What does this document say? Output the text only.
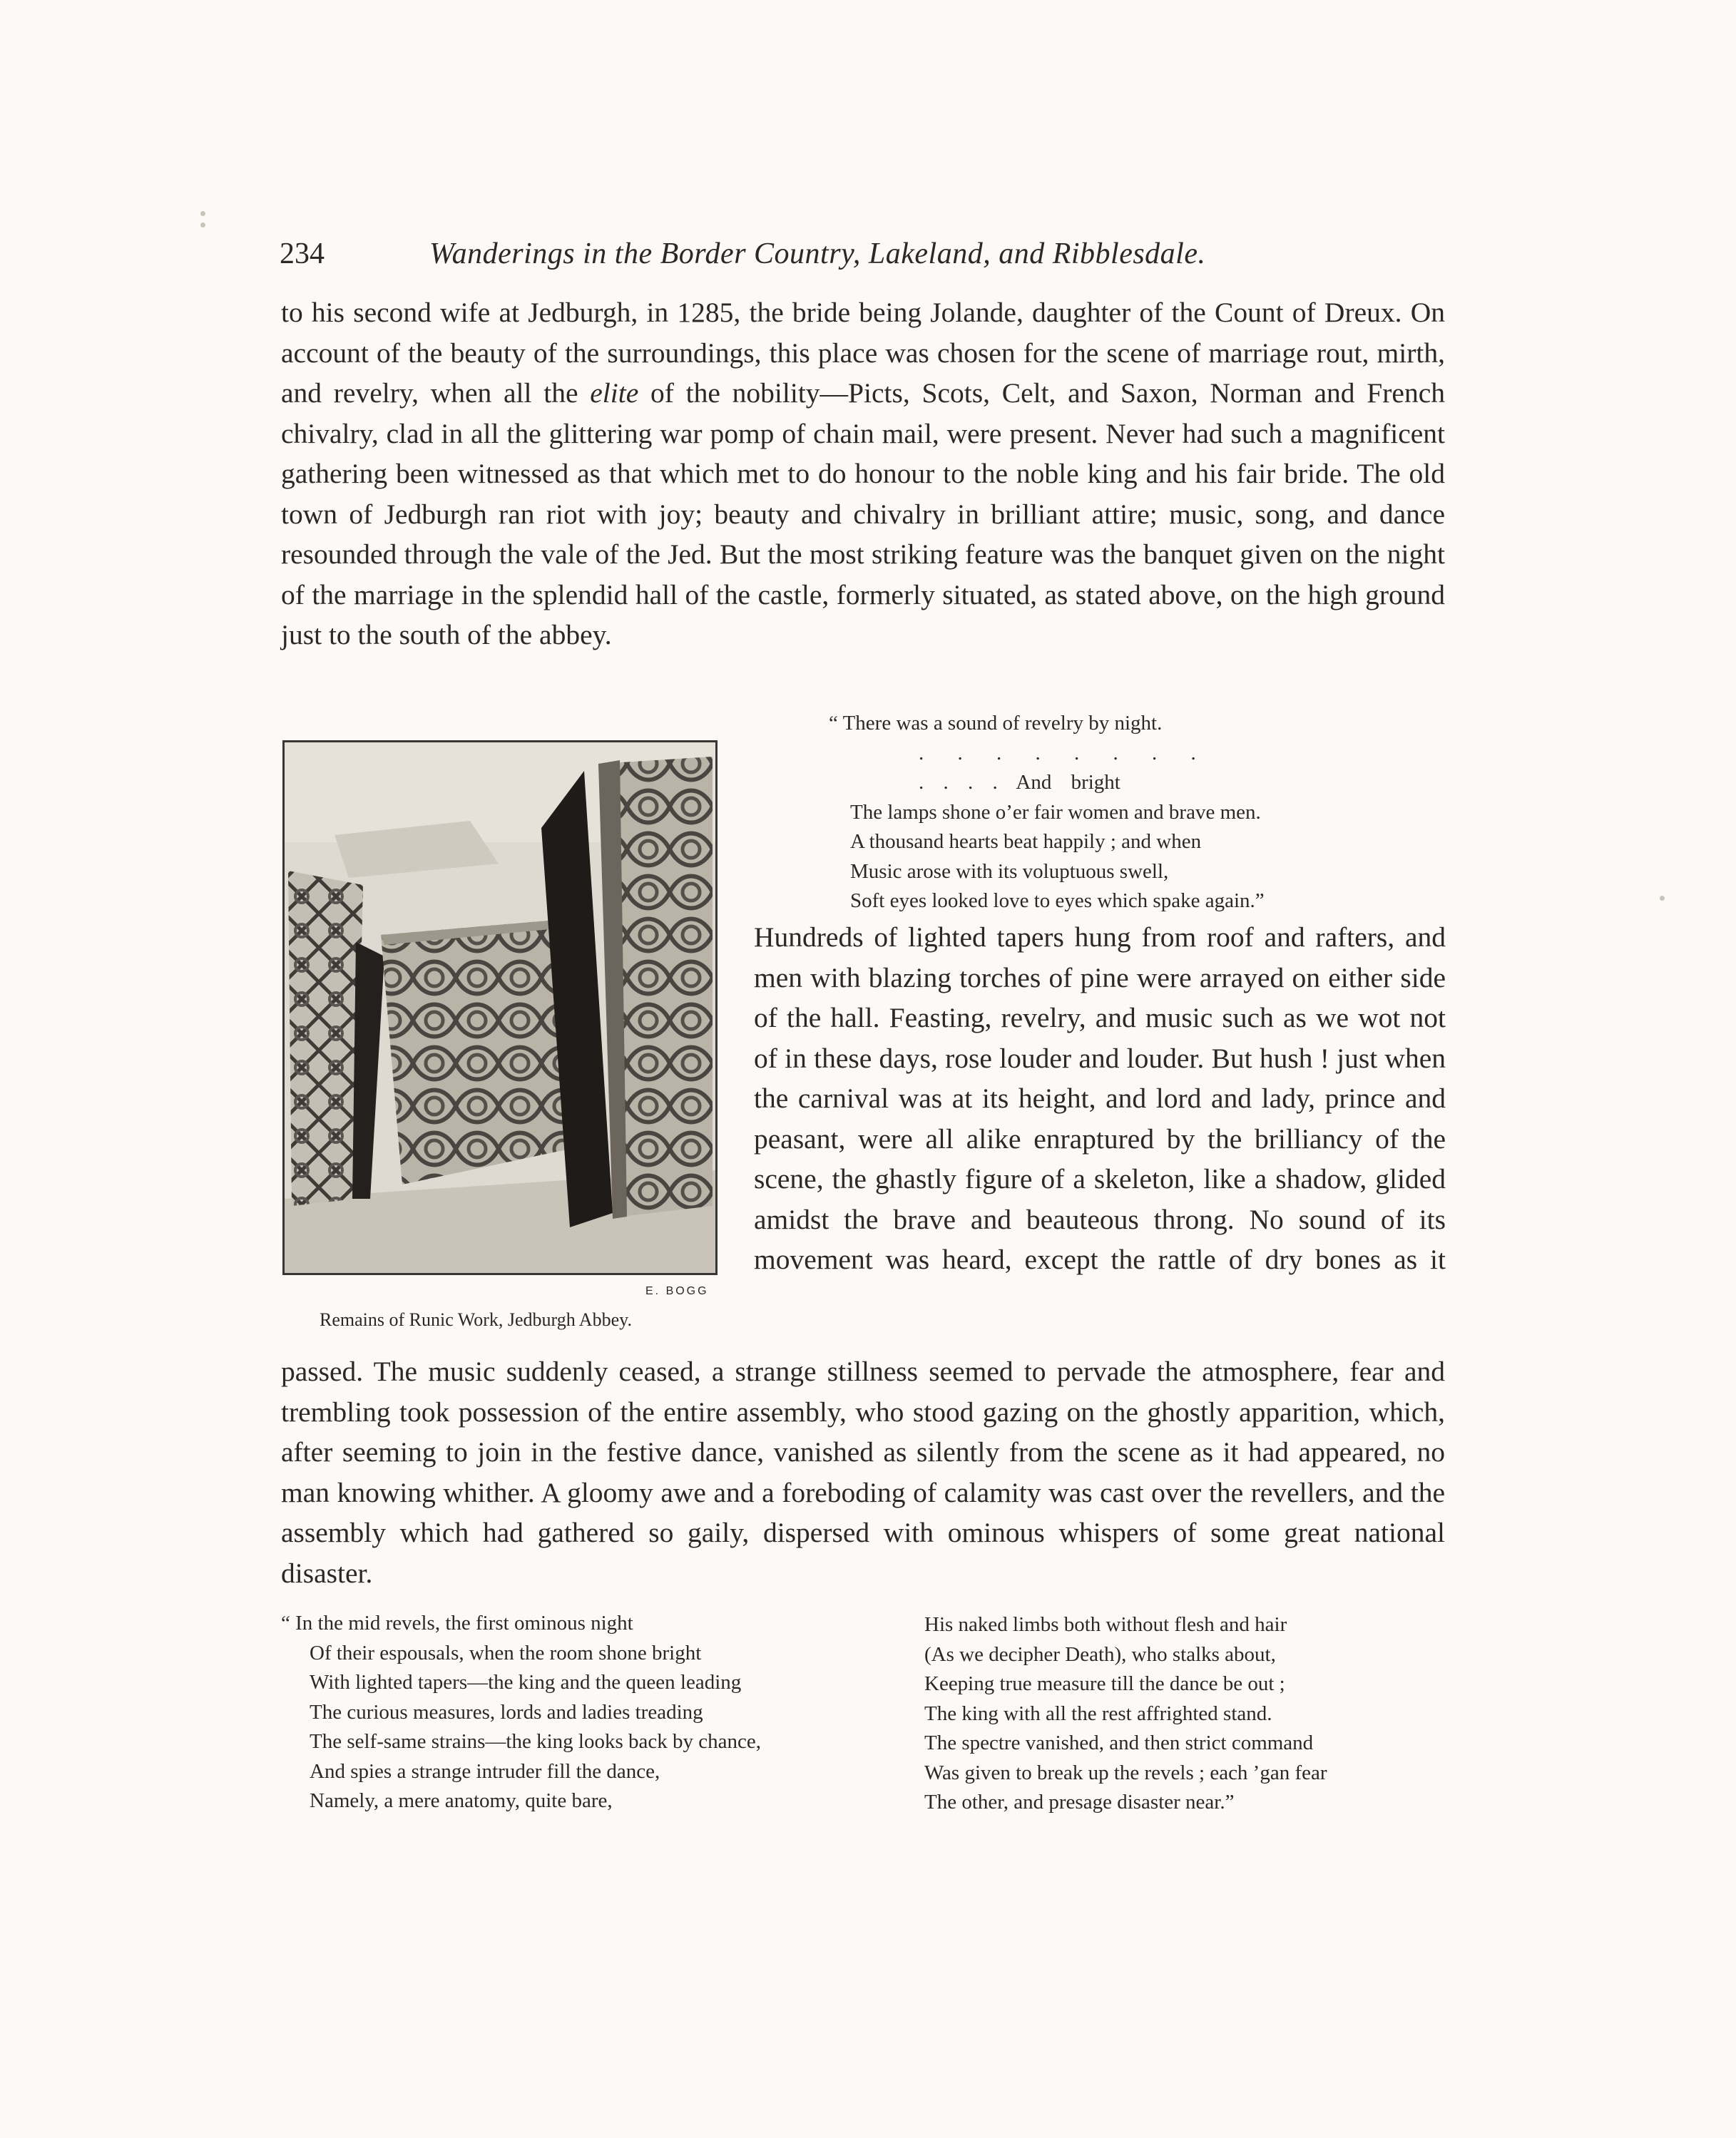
234	Wanderings in the Border Country, Lakeland, and Ribblesdale.

to his second wife at Jedburgh, in 1285, the bride being Jolande, daughter of the Count of Dreux. On account of the beauty of the surroundings, this place was chosen for the scene of marriage rout, mirth, and revelry, when all the elite of the nobility—Picts, Scots, Celt, and Saxon, Norman and French chivalry, clad in all the glittering war pomp of chain mail, were present. Never had such a magnificent gathering been witnessed as that which met to do honour to the noble king and his fair bride. The old town of Jedburgh ran riot with joy; beauty and chivalry in brilliant attire; music, song, and dance resounded through the vale of the Jed. But the most striking feature was the banquet given on the night of the marriage in the splendid hall of the castle, formerly situated, as stated above, on the high ground just to the south of the abbey.

“ There was a sound of revelry by night.
. . . . . . . .
. . . . And bright
The lamps shone o’er fair women and brave men.
A thousand hearts beat happily ; and when
Music arose with its voluptuous swell,
Soft eyes looked love to eyes which spake again.”
E. BOGG
Remains of Runic Work, Jedburgh Abbey.

Hundreds of lighted tapers hung from roof and rafters, and men with blazing torches of pine were arrayed on either side of the hall. Feasting, revelry, and music such as we wot not of in these days, rose louder and louder. But hush ! just when the carnival was at its height, and lord and lady, prince and peasant, were all alike enraptured by the brilliancy of the scene, the ghastly figure of a skeleton, like a shadow, glided amidst the brave and beauteous throng. No sound of its movement was heard, except the rattle of dry bones as it

passed. The music suddenly ceased, a strange stillness seemed to pervade the atmosphere, fear and trembling took possession of the entire assembly, who stood gazing on the ghostly apparition, which, after seeming to join in the festive dance, vanished as silently from the scene as it had appeared, no man knowing whither. A gloomy awe and a foreboding of calamity was cast over the revellers, and the assembly which had gathered so gaily, dispersed with ominous whispers of some great national disaster.

“ In the mid revels, the first ominous night
Of their espousals, when the room shone bright
With lighted tapers—the king and the queen leading
The curious measures, lords and ladies treading
The self-same strains—the king looks back by chance,
And spies a strange intruder fill the dance,
Namely, a mere anatomy, quite bare,
His naked limbs both without flesh and hair
(As we decipher Death), who stalks about,
Keeping true measure till the dance be out ;
The king with all the rest affrighted stand.
The spectre vanished, and then strict command
Was given to break up the revels ; each ’gan fear
The other, and presage disaster near.”
